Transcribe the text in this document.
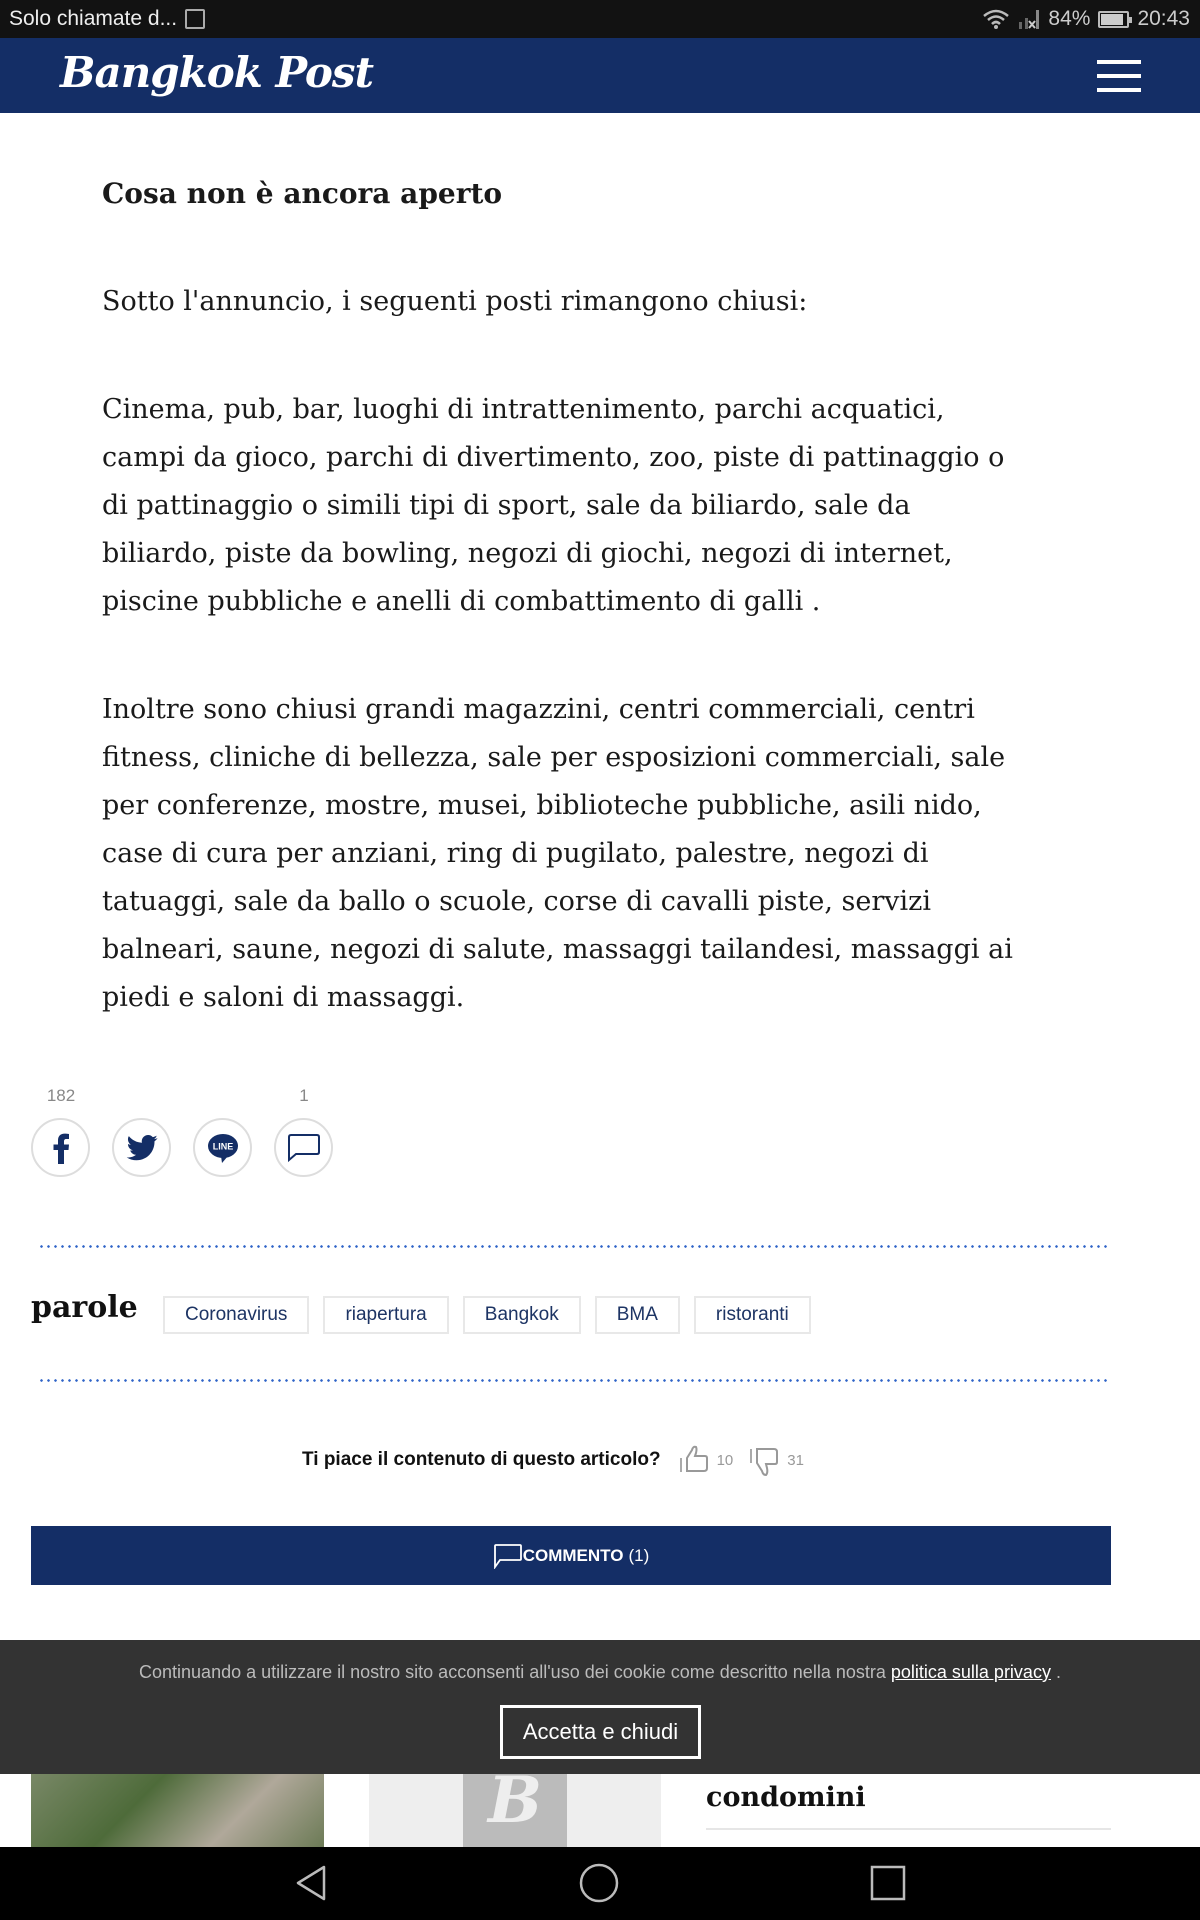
Solo chiamate d...	84% 20:43
Bangkok Post
Cosa non è ancora aperto

Sotto l'annuncio, i seguenti posti rimangono chiusi:

Cinema, pub, bar, luoghi di intrattenimento, parchi acquatici, campi da gioco, parchi di divertimento, zoo, piste di pattinaggio o di pattinaggio o simili tipi di sport, sale da biliardo, sale da biliardo, piste da bowling, negozi di giochi, negozi di internet, piscine pubbliche e anelli di combattimento di galli .

Inoltre sono chiusi grandi magazzini, centri commerciali, centri fitness, cliniche di bellezza, sale per esposizioni commerciali, sale per conferenze, mostre, musei, biblioteche pubbliche, asili nido, case di cura per anziani, ring di pugilato, palestre, negozi di tatuaggi, sale da ballo o scuole, corse di cavalli piste, servizi balneari, saune, negozi di salute, massaggi tailandesi, massaggi ai piedi e saloni di massaggi.

182
LINE
1
parole	Coronavirus	riapertura	Bangkok	BMA	ristoranti
Ti piace il contenuto di questo articolo?	10	31
COMMENTO (1)
B	condomini
Continuando a utilizzare il nostro sito acconsenti all'uso dei cookie come descritto nella nostra politica sulla privacy .
Accetta e chiudi
